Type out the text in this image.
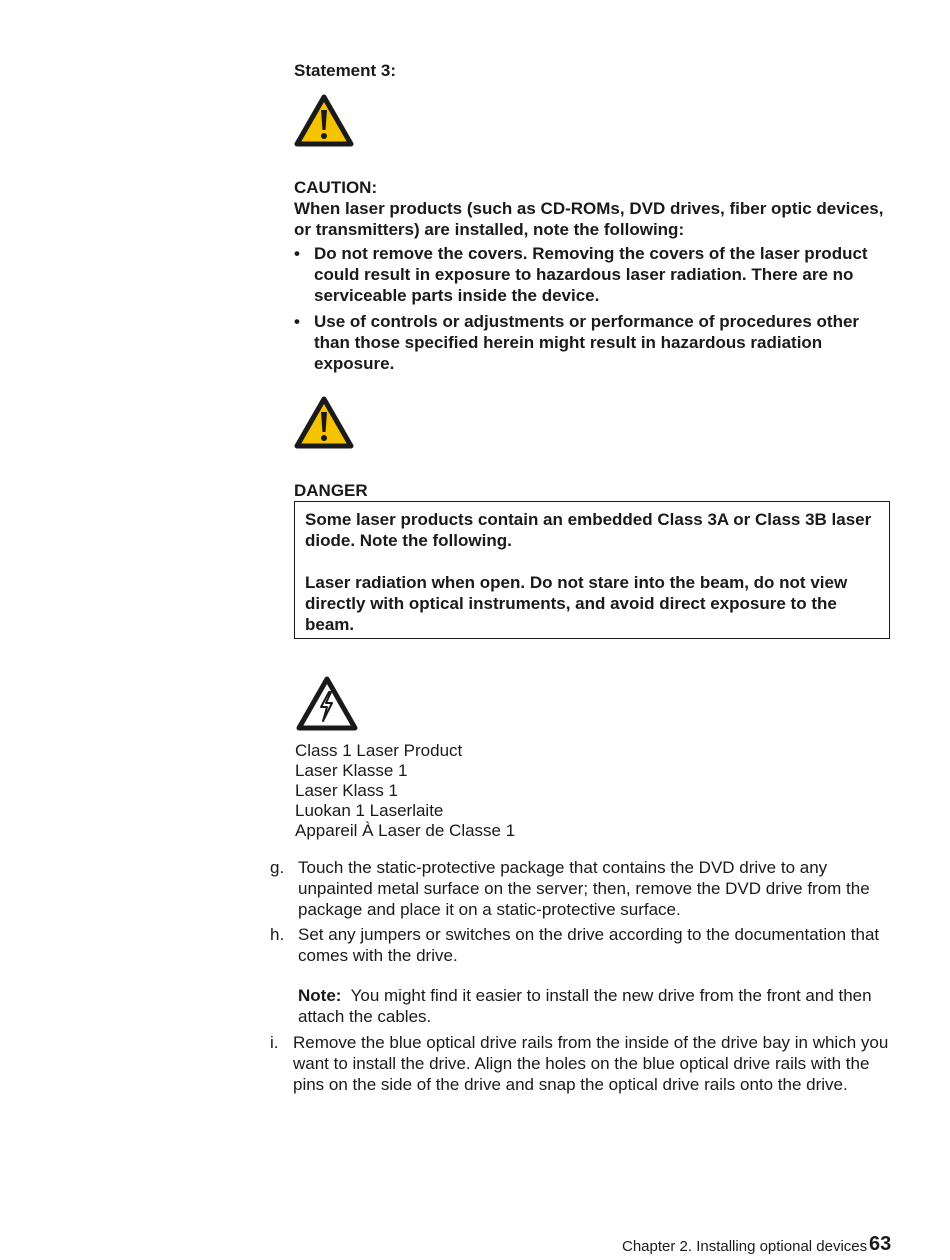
Statement 3:
CAUTION:
When laser products (such as CD-ROMs, DVD drives, fiber optic devices, or transmitters) are installed, note the following:
• Do not remove the covers. Removing the covers of the laser product could result in exposure to hazardous laser radiation. There are no serviceable parts inside the device.
• Use of controls or adjustments or performance of procedures other than those specified herein might result in hazardous radiation exposure.
DANGER

Some laser products contain an embedded Class 3A or Class 3B laser diode. Note the following.

Laser radiation when open. Do not stare into the beam, do not view directly with optical instruments, and avoid direct exposure to the beam.

Class 1 Laser Product
Laser Klasse 1
Laser Klass 1
Luokan 1 Laserlaite
Appareil À Laser de Classe 1
g. Touch the static-protective package that contains the DVD drive to any unpainted metal surface on the server; then, remove the DVD drive from the package and place it on a static-protective surface.
h. Set any jumpers or switches on the drive according to the documentation that comes with the drive.
Note: You might find it easier to install the new drive from the front and then attach the cables.
i. Remove the blue optical drive rails from the inside of the drive bay in which you want to install the drive. Align the holes on the blue optical drive rails with the pins on the side of the drive and snap the optical drive rails onto the drive.
Chapter 2. Installing optional devices 63
